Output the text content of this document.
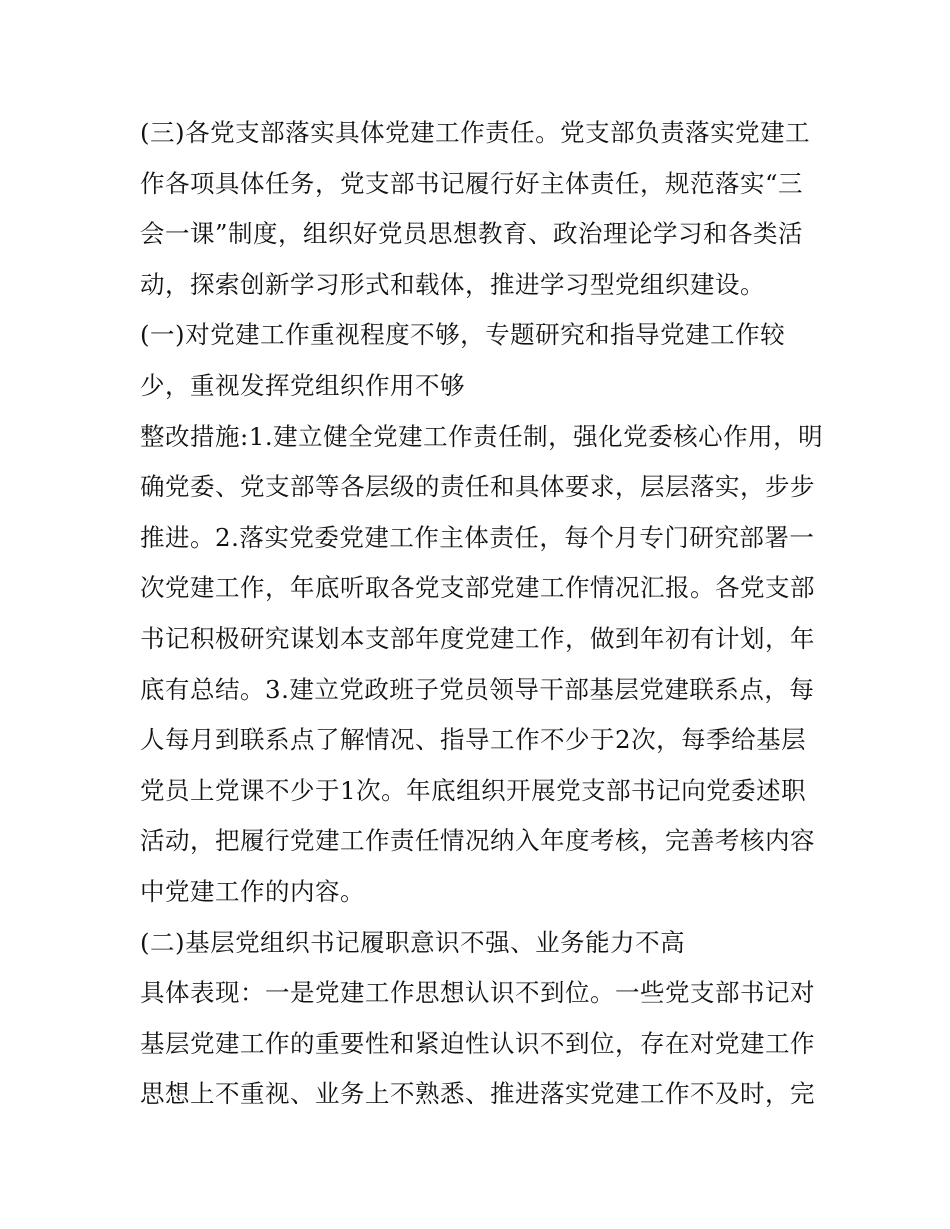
(三)各党支部落实具体党建工作责任。党支部负责落实党建工
作各项具体任务，党支部书记履行好主体责任，规范落实“三
会一课”制度，组织好党员思想教育、政治理论学习和各类活
动，探索创新学习形式和载体，推进学习型党组织建设。
(一)对党建工作重视程度不够，专题研究和指导党建工作较
少，重视发挥党组织作用不够
整改措施:1.建立健全党建工作责任制，强化党委核心作用，明
确党委、党支部等各层级的责任和具体要求，层层落实，步步
推进。2.落实党委党建工作主体责任，每个月专门研究部署一
次党建工作，年底听取各党支部党建工作情况汇报。各党支部
书记积极研究谋划本支部年度党建工作，做到年初有计划，年
底有总结。3.建立党政班子党员领导干部基层党建联系点，每
人每月到联系点了解情况、指导工作不少于2次，每季给基层
党员上党课不少于1次。年底组织开展党支部书记向党委述职
活动，把履行党建工作责任情况纳入年度考核，完善考核内容
中党建工作的内容。
(二)基层党组织书记履职意识不强、业务能力不高
具体表现：一是党建工作思想认识不到位。一些党支部书记对
基层党建工作的重要性和紧迫性认识不到位，存在对党建工作
思想上不重视、业务上不熟悉、推进落实党建工作不及时，完
